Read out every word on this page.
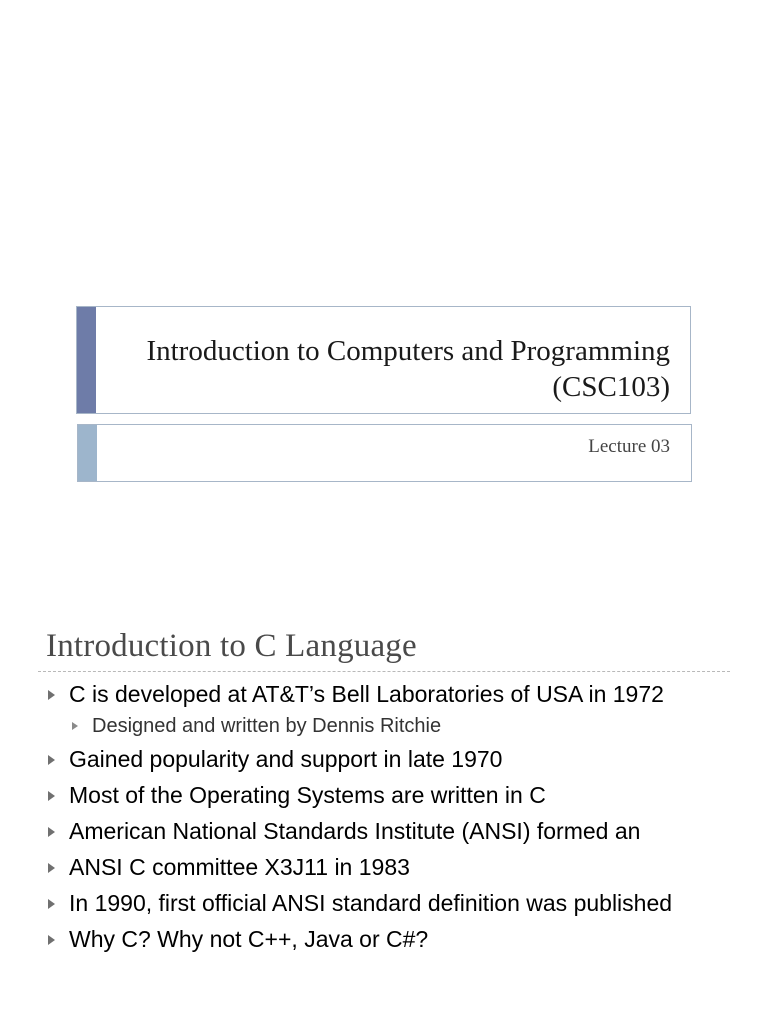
Introduction to Computers and Programming (CSC103)
Lecture 03
Introduction to C Language
C is developed at AT&T’s Bell Laboratories of USA in 1972
Designed and written by Dennis Ritchie
Gained popularity and support in late 1970
Most of the Operating Systems are written in C
American National Standards Institute (ANSI) formed an
ANSI C committee X3J11 in 1983
In 1990, first official ANSI standard definition was published
Why C? Why not C++, Java or C#?
